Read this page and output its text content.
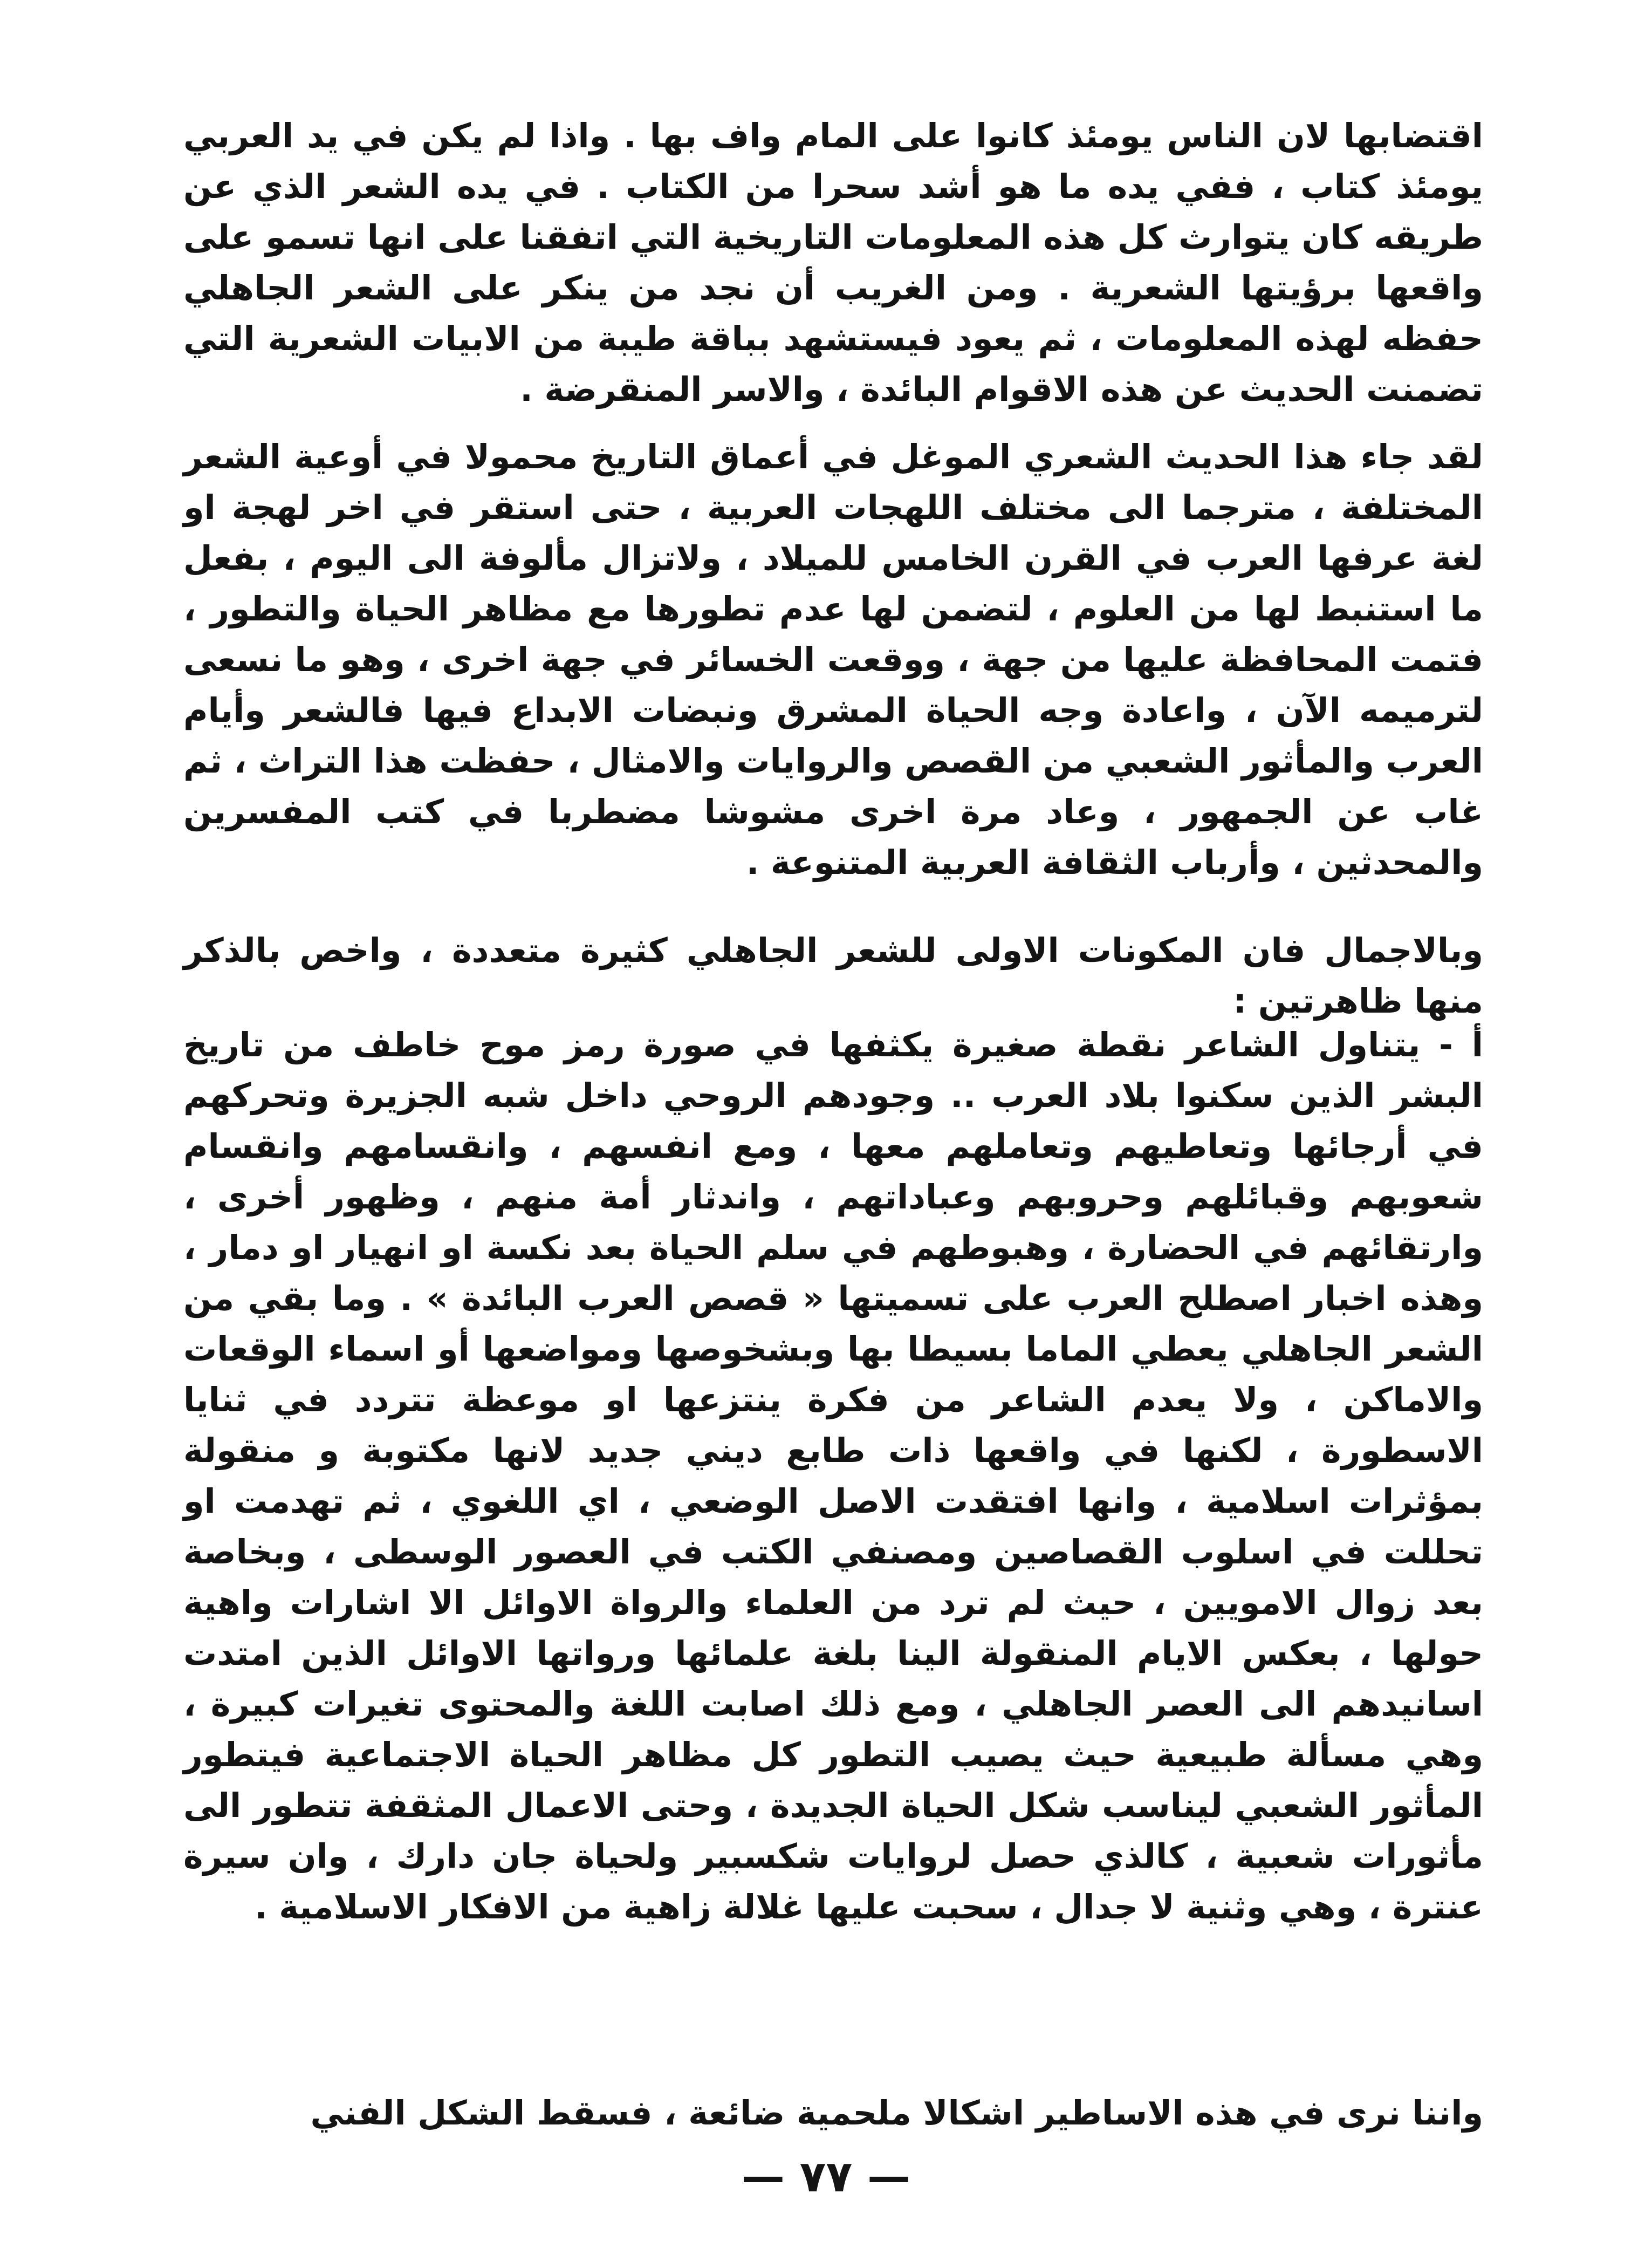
اقتضابها لان الناس يومئذ كانوا على المام واف بها . واذا لم يكن في يد العربي يومئذ كتاب ، ففي يده ما هو أشد سحرا من الكتاب . في يده الشعر الذي عن طريقه كان يتوارث كل هذه المعلومات التاريخية التي اتفقنا على انها تسمو على واقعها برؤيتها الشعرية . ومن الغريب أن نجد من ينكر على الشعر الجاهلي حفظه لهذه المعلومات ، ثم يعود فيستشهد بباقة طيبة من الابيات الشعرية التي تضمنت الحديث عن هذه الاقوام البائدة ، والاسر المنقرضة .

لقد جاء هذا الحديث الشعري الموغل في أعماق التاريخ محمولا في أوعية الشعر المختلفة ، مترجما الى مختلف اللهجات العربية ، حتى استقر في اخر لهجة او لغة عرفها العرب في القرن الخامس للميلاد ، ولاتزال مألوفة الى اليوم ، بفعل ما استنبط لها من العلوم ، لتضمن لها عدم تطورها مع مظاهر الحياة والتطور ، فتمت المحافظة عليها من جهة ، ووقعت الخسائر في جهة اخرى ، وهو ما نسعى لترميمه الآن ، واعادة وجه الحياة المشرق ونبضات الابداع فيها فالشعر وأيام العرب والمأثور الشعبي من القصص والروايات والامثال ، حفظت هذا التراث ، ثم غاب عن الجمهور ، وعاد مرة اخرى مشوشا مضطربا في كتب المفسرين والمحدثين ، وأرباب الثقافة العربية المتنوعة .

وبالاجمال فان المكونات الاولى للشعر الجاهلي كثيرة متعددة ، واخص بالذكر منها ظاهرتين :

أ - يتناول الشاعر نقطة صغيرة يكثفها في صورة رمز موح خاطف من تاريخ البشر الذين سكنوا بلاد العرب .. وجودهم الروحي داخل شبه الجزيرة وتحركهم في أرجائها وتعاطيهم وتعاملهم معها ، ومع انفسهم ، وانقسامهم وانقسام شعوبهم وقبائلهم وحروبهم وعباداتهم ، واندثار أمة منهم ، وظهور أخرى ، وارتقائهم في الحضارة ، وهبوطهم في سلم الحياة بعد نكسة او انهيار او دمار ، وهذه اخبار اصطلح العرب على تسميتها « قصص العرب البائدة » . وما بقي من الشعر الجاهلي يعطي الماما بسيطا بها وبشخوصها ومواضعها أو اسماء الوقعات والاماكن ، ولا يعدم الشاعر من فكرة ينتزعها او موعظة تتردد في ثنايا الاسطورة ، لكنها في واقعها ذات طابع ديني جديد لانها مكتوبة و منقولة بمؤثرات اسلامية ، وانها افتقدت الاصل الوضعي ، اي اللغوي ، ثم تهدمت او تحللت في اسلوب القصاصين ومصنفي الكتب في العصور الوسطى ، وبخاصة بعد زوال الامويين ، حيث لم ترد من العلماء والرواة الاوائل الا اشارات واهية حولها ، بعكس الايام المنقولة الينا بلغة علمائها ورواتها الاوائل الذين امتدت اسانيدهم الى العصر الجاهلي ، ومع ذلك اصابت اللغة والمحتوى تغيرات كبيرة ، وهي مسألة طبيعية حيث يصيب التطور كل مظاهر الحياة الاجتماعية فيتطور المأثور الشعبي ليناسب شكل الحياة الجديدة ، وحتى الاعمال المثقفة تتطور الى مأثورات شعبية ، كالذي حصل لروايات شكسبير ولحياة جان دارك ، وان سيرة عنترة ، وهي وثنية لا جدال ، سحبت عليها غلالة زاهية من الافكار الاسلامية .

واننا نرى في هذه الاساطير اشكالا ملحمية ضائعة ، فسقط الشكل الفني

— ٧٧ —
